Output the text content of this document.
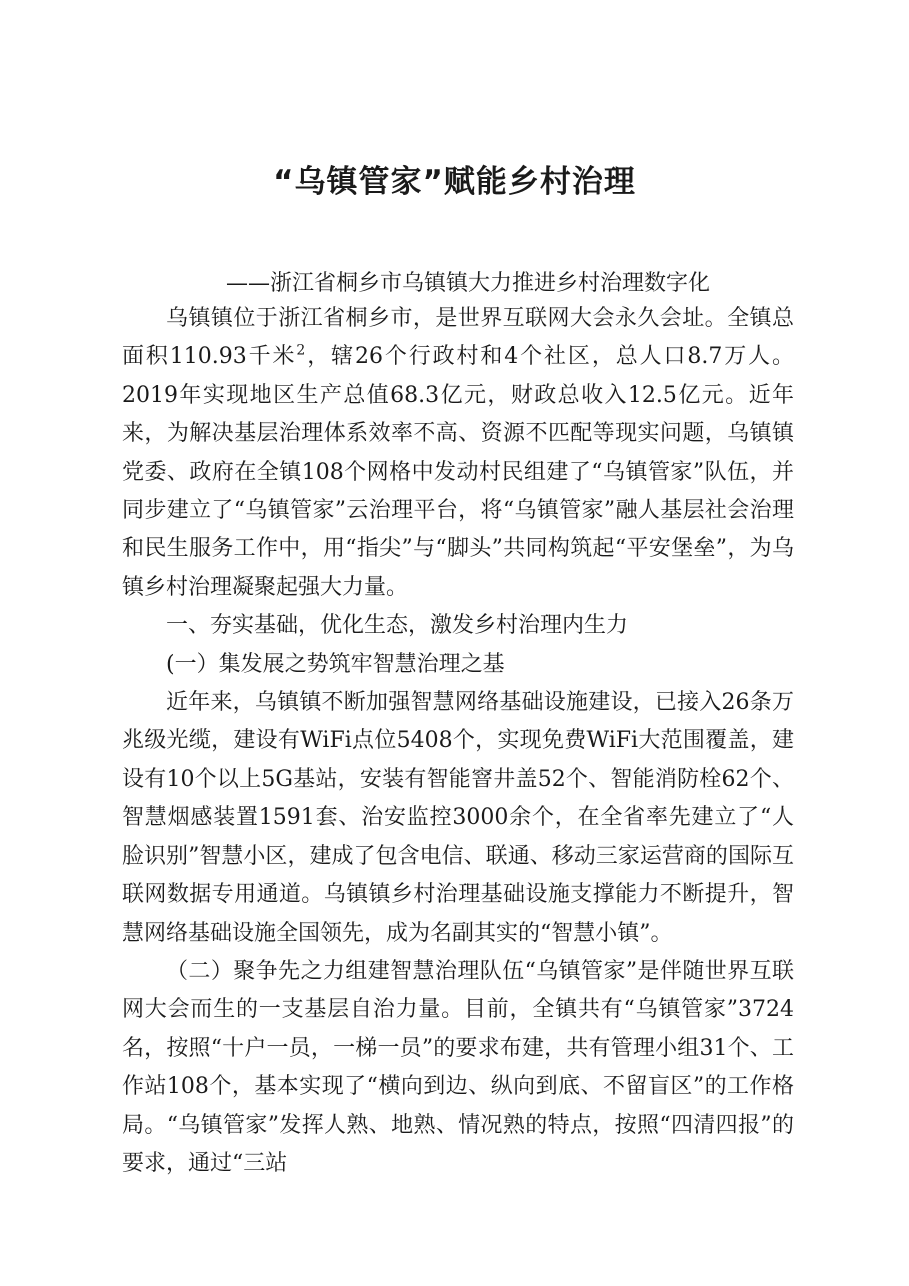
“乌镇管家”赋能乡村治理
——浙江省桐乡市乌镇镇大力推进乡村治理数字化

乌镇镇位于浙江省桐乡市，是世界互联网大会永久会址。全镇总面积110.93千米$^2$，辖26个行政村和4个社区，总人口8.7万人。2019年实现地区生产总值68.3亿元，财政总收入12.5亿元。近年来，为解决基层治理体系效率不高、资源不匹配等现实问题，乌镇镇党委、政府在全镇108个网格中发动村民组建了“乌镇管家”队伍，并同步建立了“乌镇管家”云治理平台，将“乌镇管家”融人基层社会治理和民生服务工作中，用“指尖”与“脚头”共同构筑起“平安堡垒”，为乌镇乡村治理凝聚起强大力量。

一、夯实基础，优化生态，激发乡村治理内生力

(一）集发展之势筑牢智慧治理之基

近年来，乌镇镇不断加强智慧网络基础设施建设，已接入26条万兆级光缆，建设有WiFi点位5408个，实现免费WiFi大范围覆盖，建设有10个以上5G基站，安装有智能窨井盖52个、智能消防栓62个、智慧烟感装置1591套、治安监控3000余个，在全省率先建立了“人脸识别”智慧小区，建成了包含电信、联通、移动三家运营商的国际互联网数据专用通道。乌镇镇乡村治理基础设施支撑能力不断提升，智慧网络基础设施全国领先，成为名副其实的“智慧小镇”。

（二）聚争先之力组建智慧治理队伍“乌镇管家”是伴随世界互联网大会而生的一支基层自治力量。目前，全镇共有“乌镇管家”3724名，按照“十户一员，一梯一员”的要求布建，共有管理小组31个、工作站108个，基本实现了“横向到边、纵向到底、不留盲区”的工作格局。“乌镇管家”发挥人熟、地熟、情况熟的特点，按照“四清四报”的要求，通过“三站
